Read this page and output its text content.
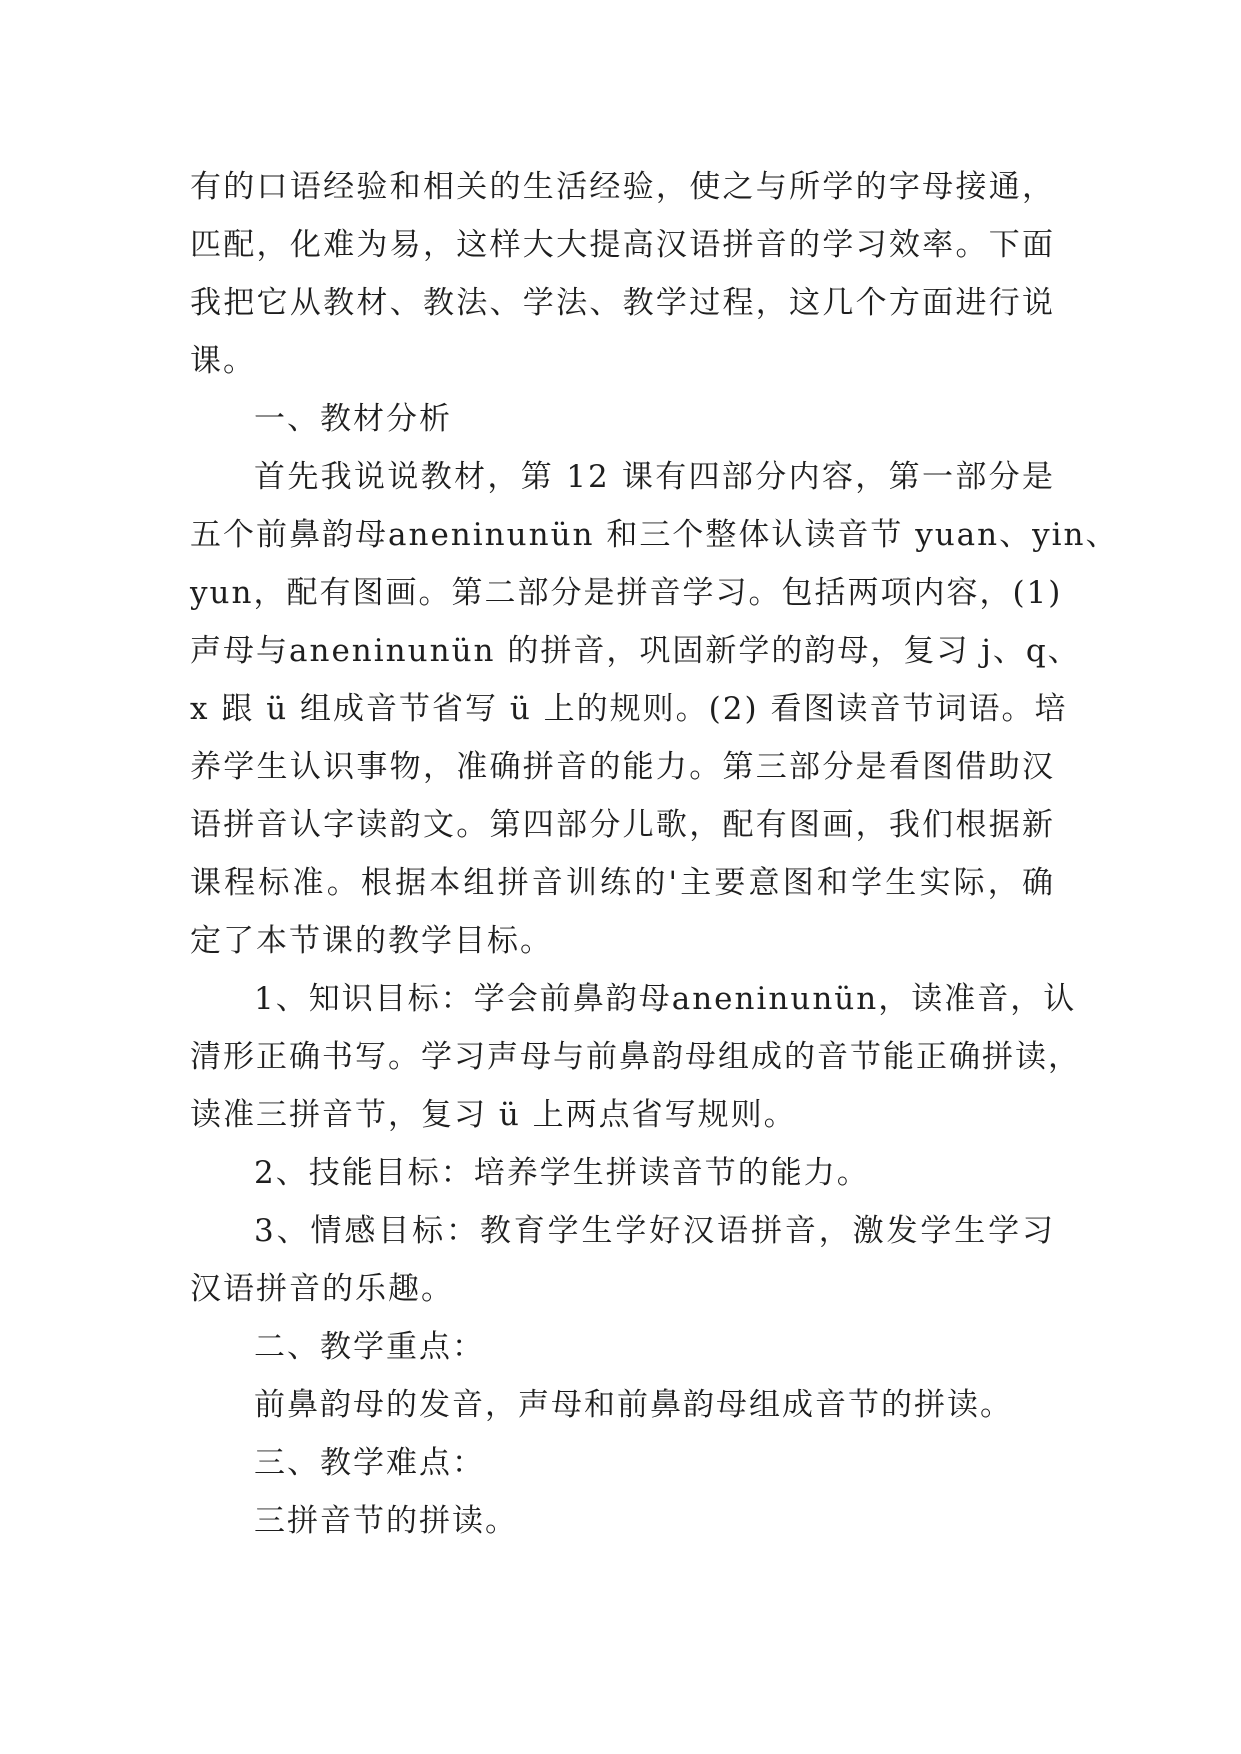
有的口语经验和相关的生活经验，使之与所学的字母接通，
匹配，化难为易，这样大大提高汉语拼音的学习效率。下面
我把它从教材、教法、学法、教学过程，这几个方面进行说
课。
一、教材分析
首先我说说教材，第 12 课有四部分内容，第一部分是
五个前鼻韵母aneninunün 和三个整体认读音节 yuan、yin、
yun，配有图画。第二部分是拼音学习。包括两项内容，(1)
声母与aneninunün 的拼音，巩固新学的韵母，复习 j、q、
x 跟 ü 组成音节省写 ü 上的规则。(2) 看图读音节词语。培
养学生认识事物，准确拼音的能力。第三部分是看图借助汉
语拼音认字读韵文。第四部分儿歌，配有图画，我们根据新
课程标准。根据本组拼音训练的'主要意图和学生实际，确
定了本节课的教学目标。
1、知识目标：学会前鼻韵母aneninunün，读准音，认
清形正确书写。学习声母与前鼻韵母组成的音节能正确拼读，
读准三拼音节，复习 ü 上两点省写规则。
2、技能目标：培养学生拼读音节的能力。
3、情感目标：教育学生学好汉语拼音，激发学生学习
汉语拼音的乐趣。
二、教学重点：
前鼻韵母的发音，声母和前鼻韵母组成音节的拼读。
三、教学难点：
三拼音节的拼读。
